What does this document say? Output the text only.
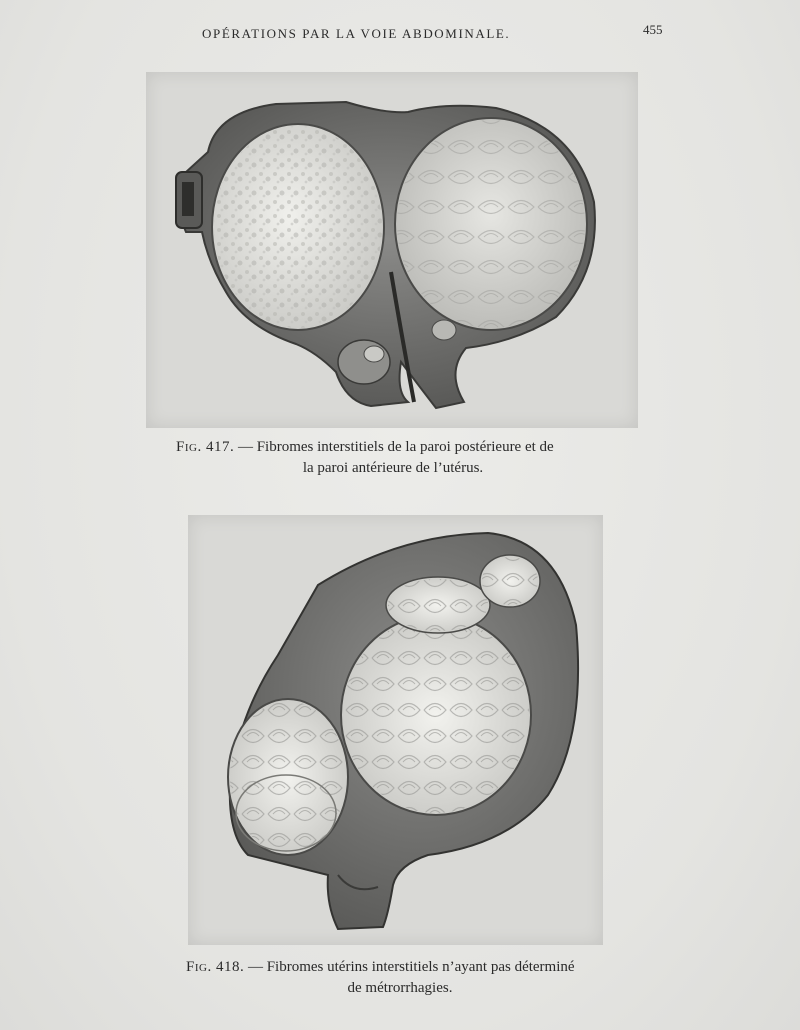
OPÉRATIONS PAR LA VOIE ABDOMINALE.	455
Fig. 417. — Fibromes interstitiels de la paroi postérieure et de
la paroi antérieure de l’utérus.
Fig. 418. — Fibromes utérins interstitiels n’ayant pas déterminé
de métrorrhagies.
